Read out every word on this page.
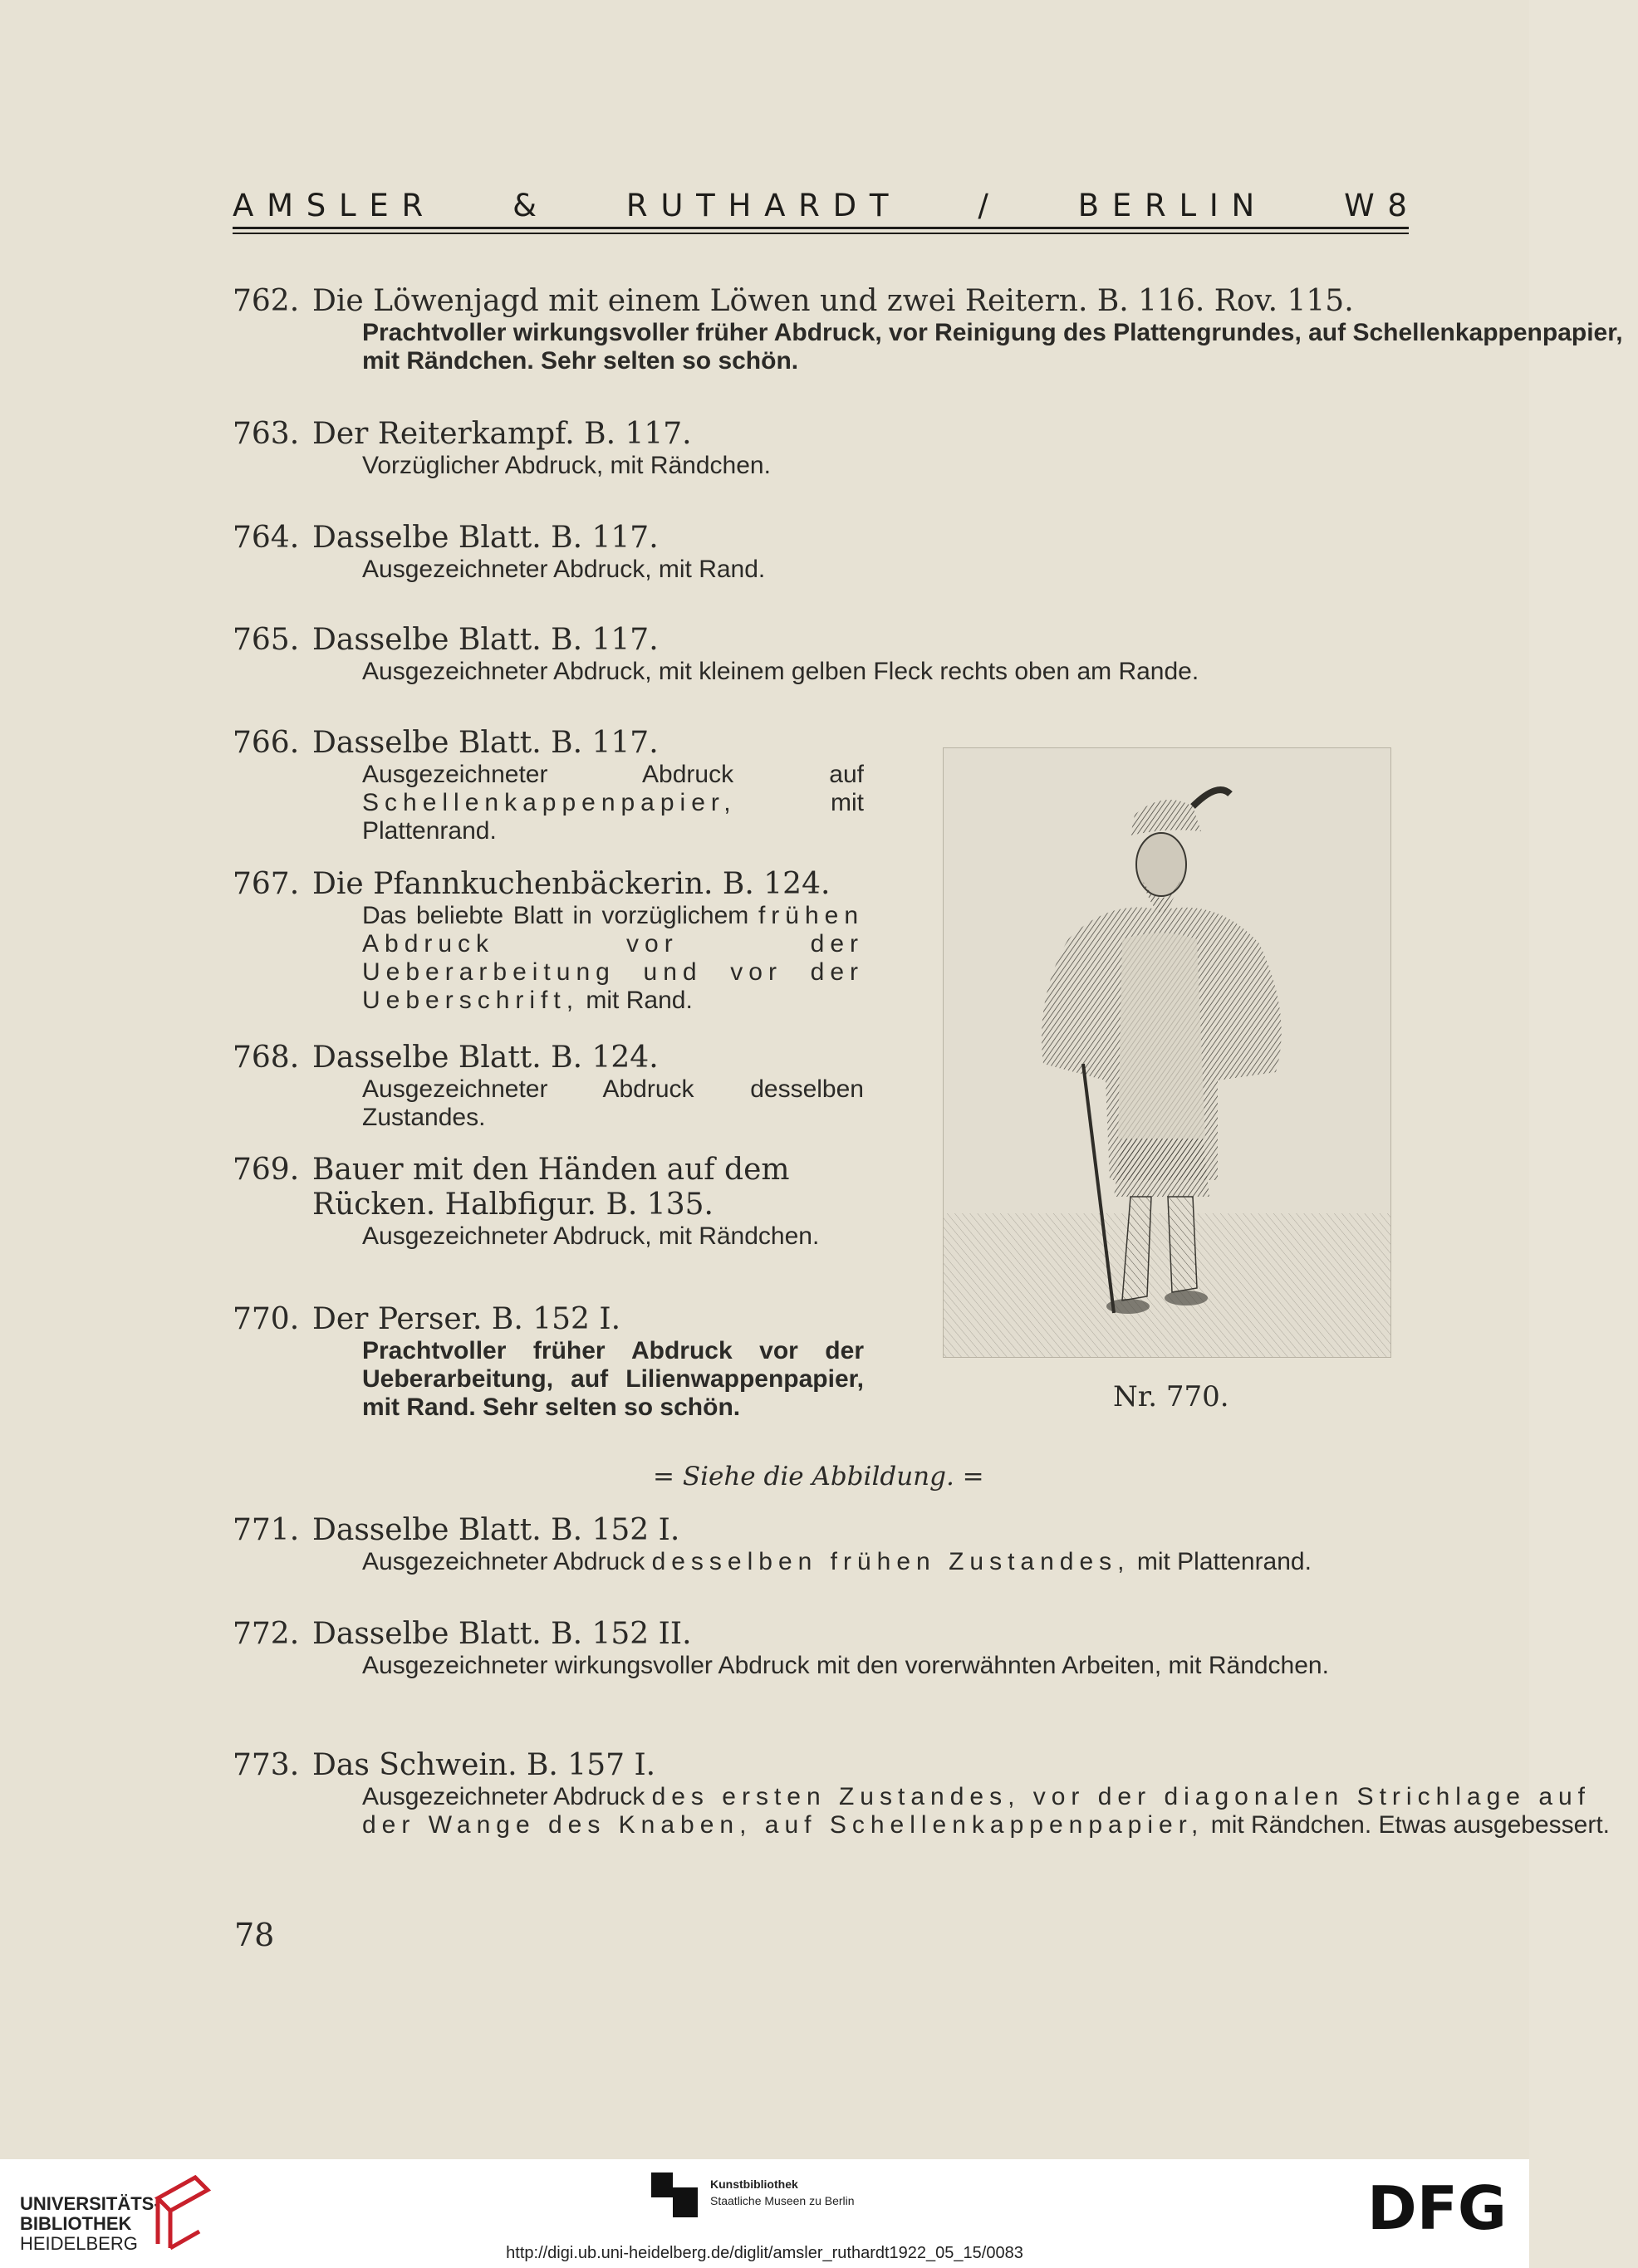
A M S L E R	&	R U T H A R D T	/	B E R L I N	W 8
762. Die Löwenjagd mit einem Löwen und zwei Reitern. B. 116. Rov. 115.
Prachtvoller wirkungsvoller früher Abdruck, vor Reinigung des Plattengrundes, auf Schellenkappenpapier, mit Rändchen. Sehr selten so schön.
763. Der Reiterkampf. B. 117.
Vorzüglicher Abdruck, mit Rändchen.
764. Dasselbe Blatt. B. 117.
Ausgezeichneter Abdruck, mit Rand.
765. Dasselbe Blatt. B. 117.
Ausgezeichneter Abdruck, mit kleinem gelben Fleck rechts oben am Rande.
766. Dasselbe Blatt. B. 117.
Ausgezeichneter Abdruck auf Schellenkappenpapier,	mit Plattenrand.
767. Die Pfannkuchenbäckerin. B. 124.
Das beliebte Blatt in vorzüglichem frühen Abdruck vor der Ueberarbeitung und vor der Ueberschrift, mit Rand.
768. Dasselbe Blatt. B. 124.
Ausgezeichneter Abdruck desselben Zustandes.
769. Bauer mit den Händen auf dem
Rücken. Halbfigur. B. 135.
Ausgezeichneter Abdruck, mit Rändchen.
770. Der Perser. B. 152 I.
Prachtvoller früher Abdruck vor der Ueberarbeitung, auf Lilienwappenpapier, mit Rand. Sehr selten so schön.	Nr. 770.
= Siehe die Abbildung. =
771. Dasselbe Blatt. B. 152 I.
Ausgezeichneter Abdruck desselben frühen Zustandes, mit Plattenrand.
772. Dasselbe Blatt. B. 152 II.
Ausgezeichneter wirkungsvoller Abdruck mit den vorerwähnten Arbeiten, mit Rändchen.
773. Das Schwein. B. 157 I.
Ausgezeichneter Abdruck des ersten Zustandes, vor der diagonalen Strichlage auf der Wange des Knaben, auf Schellenkappenpapier, mit Rändchen. Etwas ausgebessert.
78
UNIVERSITÄTS-
BIBLIOTHEK
HEIDELBERG
Kunstbibliothek
Staatliche Museen zu Berlin	DFG
http://digi.ub.uni-heidelberg.de/diglit/amsler_ruthardt1922_05_15/0083
